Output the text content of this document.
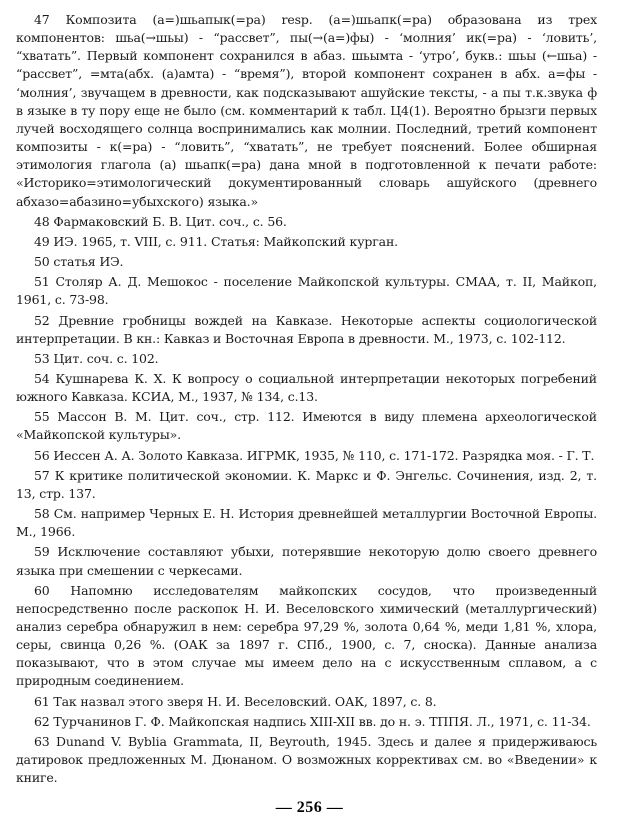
47 Композита (а=)шьапык(=ра) resp. (а=)шьапк(=ра) образована из трех компонентов: шьа(→шьы) - “рассвет”, пы(→(а=)фы) - ‘молния’ ик(=ра) - ‘ловить’, “хватать”. Первый компонент сохранился в абаз. шьымта - ‘утро’, букв.: шьы (←шьа) - “рассвет”, =мта(абх. (а)амта) - “время”), второй компонент сохранен в абх. а=фы - ‘молния’, звучащем в древности, как подсказывают ашуйские тексты, - а пы т.к.звука ф в языке в ту пору еще не было (см. комментарий к табл. Ц4(1). Вероятно брызги первых лучей восходящего солнца воспринимались как молнии. Последний, третий компонент композиты - к(=ра) - “ловить”, “хватать”, не требует пояснений. Более обширная этимология глагола (а) шьапк(=ра) дана мной в подготовленной к печати работе: «Историко=этимологический документированный словарь ашуйского (древнего абхазо=абазино=убыхского) языка.»

48 Фармаковский Б. В. Цит. соч., с. 56.

49 ИЭ. 1965, т. VIII, с. 911. Статья: Майкопский курган.

50 статья ИЭ.

51 Столяр А. Д. Мешокос - поселение Майкопской культуры. СМАА, т. II, Майкоп, 1961, с. 73-98.

52 Древние гробницы вождей на Кавказе. Некоторые аспекты социологической интерпретации. В кн.: Кавказ и Восточная Европа в древности. М., 1973, с. 102-112.

53 Цит. соч. с. 102.

54 Кушнарева К. Х. К вопросу о социальной интерпретации некоторых погребений южного Кавказа. КСИА, М., 1937, № 134, с.13.

55 Массон В. М. Цит. соч., стр. 112. Имеются в виду племена археологической «Майкопской культуры».

56 Иессен А. А. Золото Кавказа. ИГРМК, 1935, № 110, с. 171-172. Разрядка моя. - Г. Т.

57 К критике политической экономии. К. Маркс и Ф. Энгельс. Сочинения, изд. 2, т. 13, стр. 137.

58 См. например Черных Е. Н. История древнейшей металлургии Восточной Европы. М., 1966.

59 Исключение составляют убыхи, потерявшие некоторую долю своего древнего языка при смешении с черкесами.

60 Напомню исследователям майкопских сосудов, что произведенный непосредственно после раскопок Н. И. Веселовского химический (металлургический) анализ серебра обнаружил в нем: серебра 97,29 %, золота 0,64 %, меди 1,81 %, хлора, серы, свинца 0,26 %. (ОАК за 1897 г. СПб., 1900, с. 7, сноска). Данные анализа показывают, что в этом случае мы имеем дело на с искусственным сплавом, а с природным соединением.

61 Так назвал этого зверя Н. И. Веселовский. ОАК, 1897, с. 8.

62 Турчанинов Г. Ф. Майкопская надпись XIII-XII вв. до н. э. ТППЯ. Л., 1971, с. 11-34.

63 Dunand V. Byblia Grammata, II, Beyrouth, 1945. Здесь и далее я придерживаюсь датировок предложенных М. Дюнаном. О возможных коррективах см. во «Введении» к книге.

— 256 —
